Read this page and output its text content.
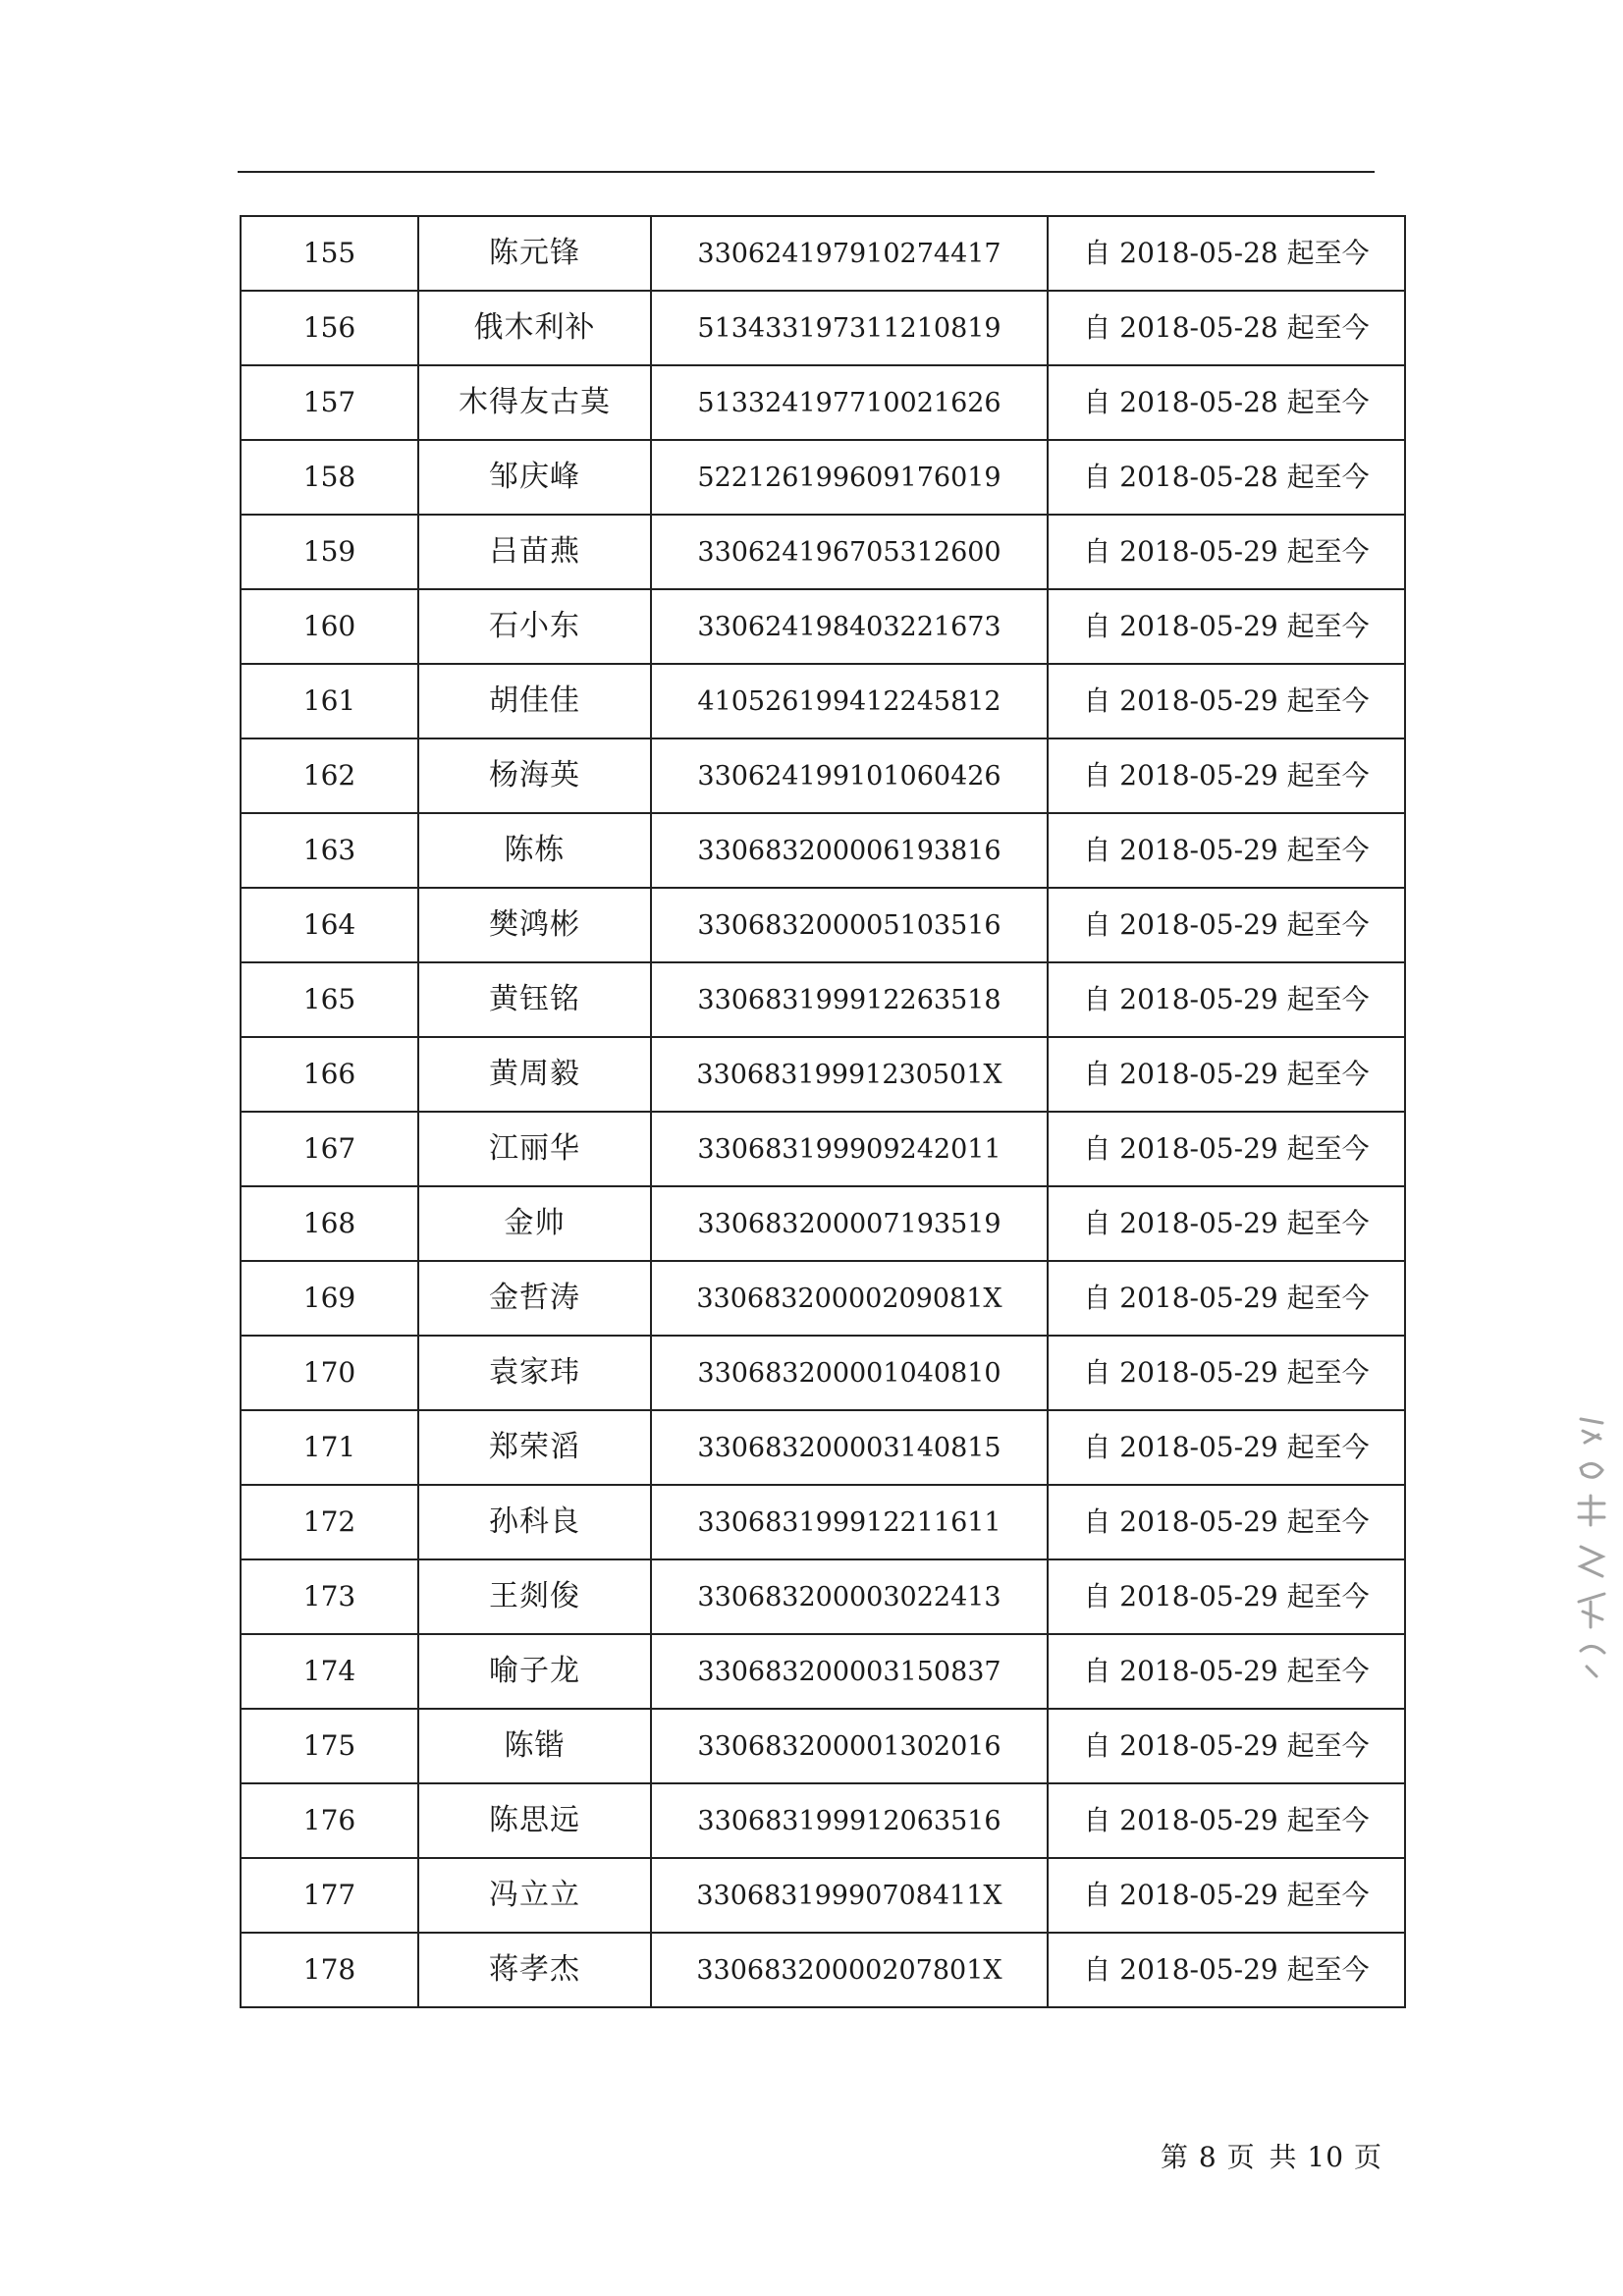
155	陈元锋	330624197910274417	自 2018-05-28 起至今
156	俄木利补	513433197311210819	自 2018-05-28 起至今
157	木得友古莫	513324197710021626	自 2018-05-28 起至今
158	邹庆峰	522126199609176019	自 2018-05-28 起至今
159	吕苗燕	330624196705312600	自 2018-05-29 起至今
160	石小东	330624198403221673	自 2018-05-29 起至今
161	胡佳佳	410526199412245812	自 2018-05-29 起至今
162	杨海英	330624199101060426	自 2018-05-29 起至今
163	陈栋	330683200006193816	自 2018-05-29 起至今
164	樊鸿彬	330683200005103516	自 2018-05-29 起至今
165	黄钰铭	330683199912263518	自 2018-05-29 起至今
166	黄周毅	33068319991230501X	自 2018-05-29 起至今
167	江丽华	330683199909242011	自 2018-05-29 起至今
168	金帅	330683200007193519	自 2018-05-29 起至今
169	金哲涛	33068320000209081X	自 2018-05-29 起至今
170	袁家玮	330683200001040810	自 2018-05-29 起至今
171	郑荣滔	330683200003140815	自 2018-05-29 起至今
172	孙科良	330683199912211611	自 2018-05-29 起至今
173	王剡俊	330683200003022413	自 2018-05-29 起至今
174	喻子龙	330683200003150837	自 2018-05-29 起至今
175	陈锴	330683200001302016	自 2018-05-29 起至今
176	陈思远	330683199912063516	自 2018-05-29 起至今
177	冯立立	33068319990708411X	自 2018-05-29 起至今
178	蒋孝杰	33068320000207801X	自 2018-05-29 起至今
第 8 页 共 10 页
